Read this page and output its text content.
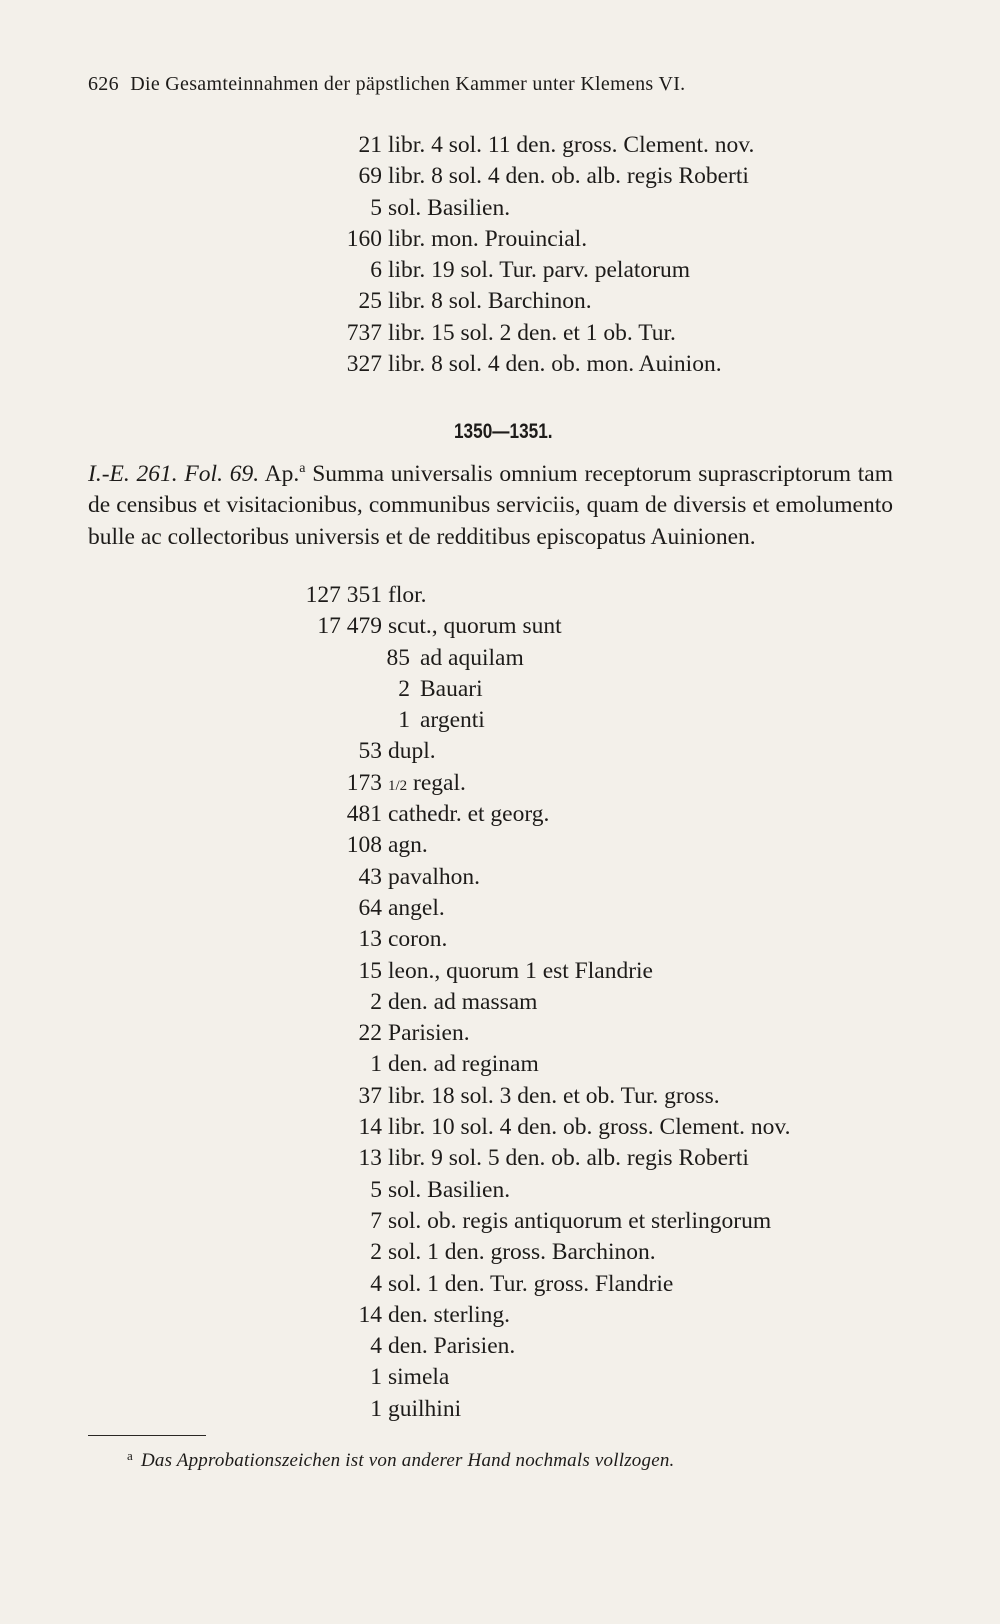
626 Die Gesamteinnahmen der päpstlichen Kammer unter Klemens VI.
21 libr. 4 sol. 11 den. gross. Clement. nov.
69 libr. 8 sol. 4 den. ob. alb. regis Roberti
5 sol. Basilien.
160 libr. mon. Prouincial.
6 libr. 19 sol. Tur. parv. pelatorum
25 libr. 8 sol. Barchinon.
737 libr. 15 sol. 2 den. et 1 ob. Tur.
327 libr. 8 sol. 4 den. ob. mon. Auinion.
1350—1351.
I.-E. 261. Fol. 69. Ap.$^a$ Summa universalis omnium receptorum suprascriptorum tam de censibus et visitacionibus, communibus serviciis, quam de diversis et emolumento bulle ac collectoribus universis et de redditibus episcopatus Auinionen.
127 351 flor.
17 479 scut., quorum sunt
85 ad aquilam
2 Bauari
1 argenti
53 dupl.
173 1/2 regal.
481 cathedr. et georg.
108 agn.
43 pavalhon.
64 angel.
13 coron.
15 leon., quorum 1 est Flandrie
2 den. ad massam
22 Parisien.
1 den. ad reginam
37 libr. 18 sol. 3 den. et ob. Tur. gross.
14 libr. 10 sol. 4 den. ob. gross. Clement. nov.
13 libr. 9 sol. 5 den. ob. alb. regis Roberti
5 sol. Basilien.
7 sol. ob. regis antiquorum et sterlingorum
2 sol. 1 den. gross. Barchinon.
4 sol. 1 den. Tur. gross. Flandrie
14 den. sterling.
4 den. Parisien.
1 simela
1 guilhini
$^a$ Das Approbationszeichen ist von anderer Hand nochmals vollzogen.
